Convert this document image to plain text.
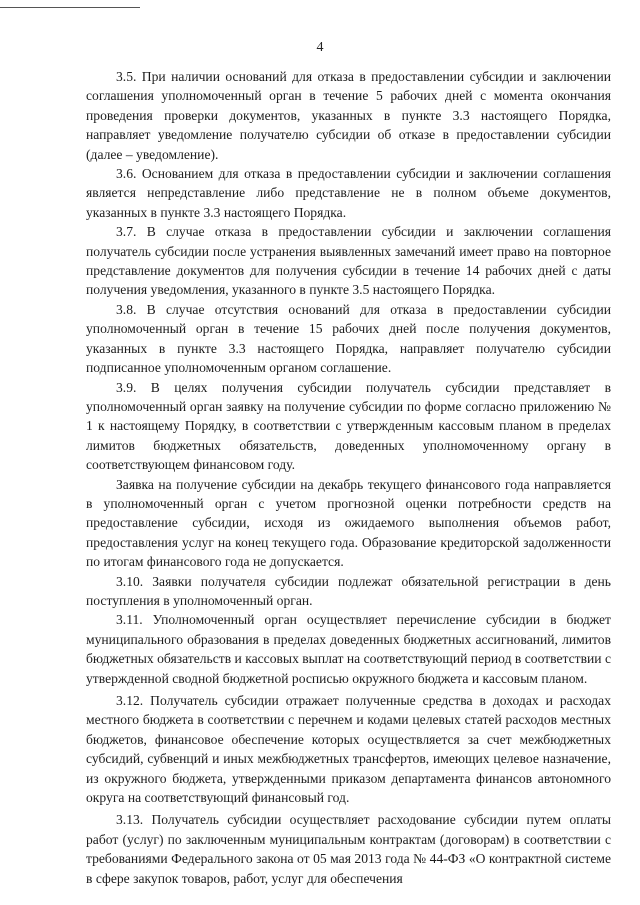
4

3.5. При наличии оснований для отказа в предоставлении субсидии и заключении соглашения уполномоченный орган в течение 5 рабочих дней с момента окончания проведения проверки документов, указанных в пункте 3.3 настоящего Порядка, направляет уведомление получателю субсидии об отказе в предоставлении субсидии (далее – уведомление).

3.6. Основанием для отказа в предоставлении субсидии и заключении соглашения является непредставление либо представление не в полном объеме документов, указанных в пункте 3.3 настоящего Порядка.

3.7. В случае отказа в предоставлении субсидии и заключении соглашения получатель субсидии после устранения выявленных замечаний имеет право на повторное представление документов для получения субсидии в течение 14 рабочих дней с даты получения уведомления, указанного в пункте 3.5 настоящего Порядка.

3.8. В случае отсутствия оснований для отказа в предоставлении субсидии уполномоченный орган в течение 15 рабочих дней после получения документов, указанных в пункте 3.3 настоящего Порядка, направляет получателю субсидии подписанное уполномоченным органом соглашение.

3.9. В целях получения субсидии получатель субсидии представляет в уполномоченный орган заявку на получение субсидии по форме согласно приложению № 1 к настоящему Порядку, в соответствии с утвержденным кассовым планом в пределах лимитов бюджетных обязательств, доведенных уполномоченному органу в соответствующем финансовом году.

Заявка на получение субсидии на декабрь текущего финансового года направляется в уполномоченный орган с учетом прогнозной оценки потребности средств на предоставление субсидии, исходя из ожидаемого выполнения объемов работ, предоставления услуг на конец текущего года. Образование кредиторской задолженности по итогам финансового года не допускается.

3.10. Заявки получателя субсидии подлежат обязательной регистрации в день поступления в уполномоченный орган.

3.11. Уполномоченный орган осуществляет перечисление субсидии в бюджет муниципального образования в пределах доведенных бюджетных ассигнований, лимитов бюджетных обязательств и кассовых выплат на соответствующий период в соответствии с утвержденной сводной бюджетной росписью окружного бюджета и кассовым планом.

3.12. Получатель субсидии отражает полученные средства в доходах и расходах местного бюджета в соответствии с перечнем и кодами целевых статей расходов местных бюджетов, финансовое обеспечение которых осуществляется за счет межбюджетных субсидий, субвенций и иных межбюджетных трансфертов, имеющих целевое назначение, из окружного бюджета, утвержденными приказом департамента финансов автономного округа на соответствующий финансовый год.

3.13. Получатель субсидии осуществляет расходование субсидии путем оплаты работ (услуг) по заключенным муниципальным контрактам (договорам) в соответствии с требованиями Федерального закона от 05 мая 2013 года № 44-ФЗ «О контрактной системе в сфере закупок товаров, работ, услуг для обеспечения
